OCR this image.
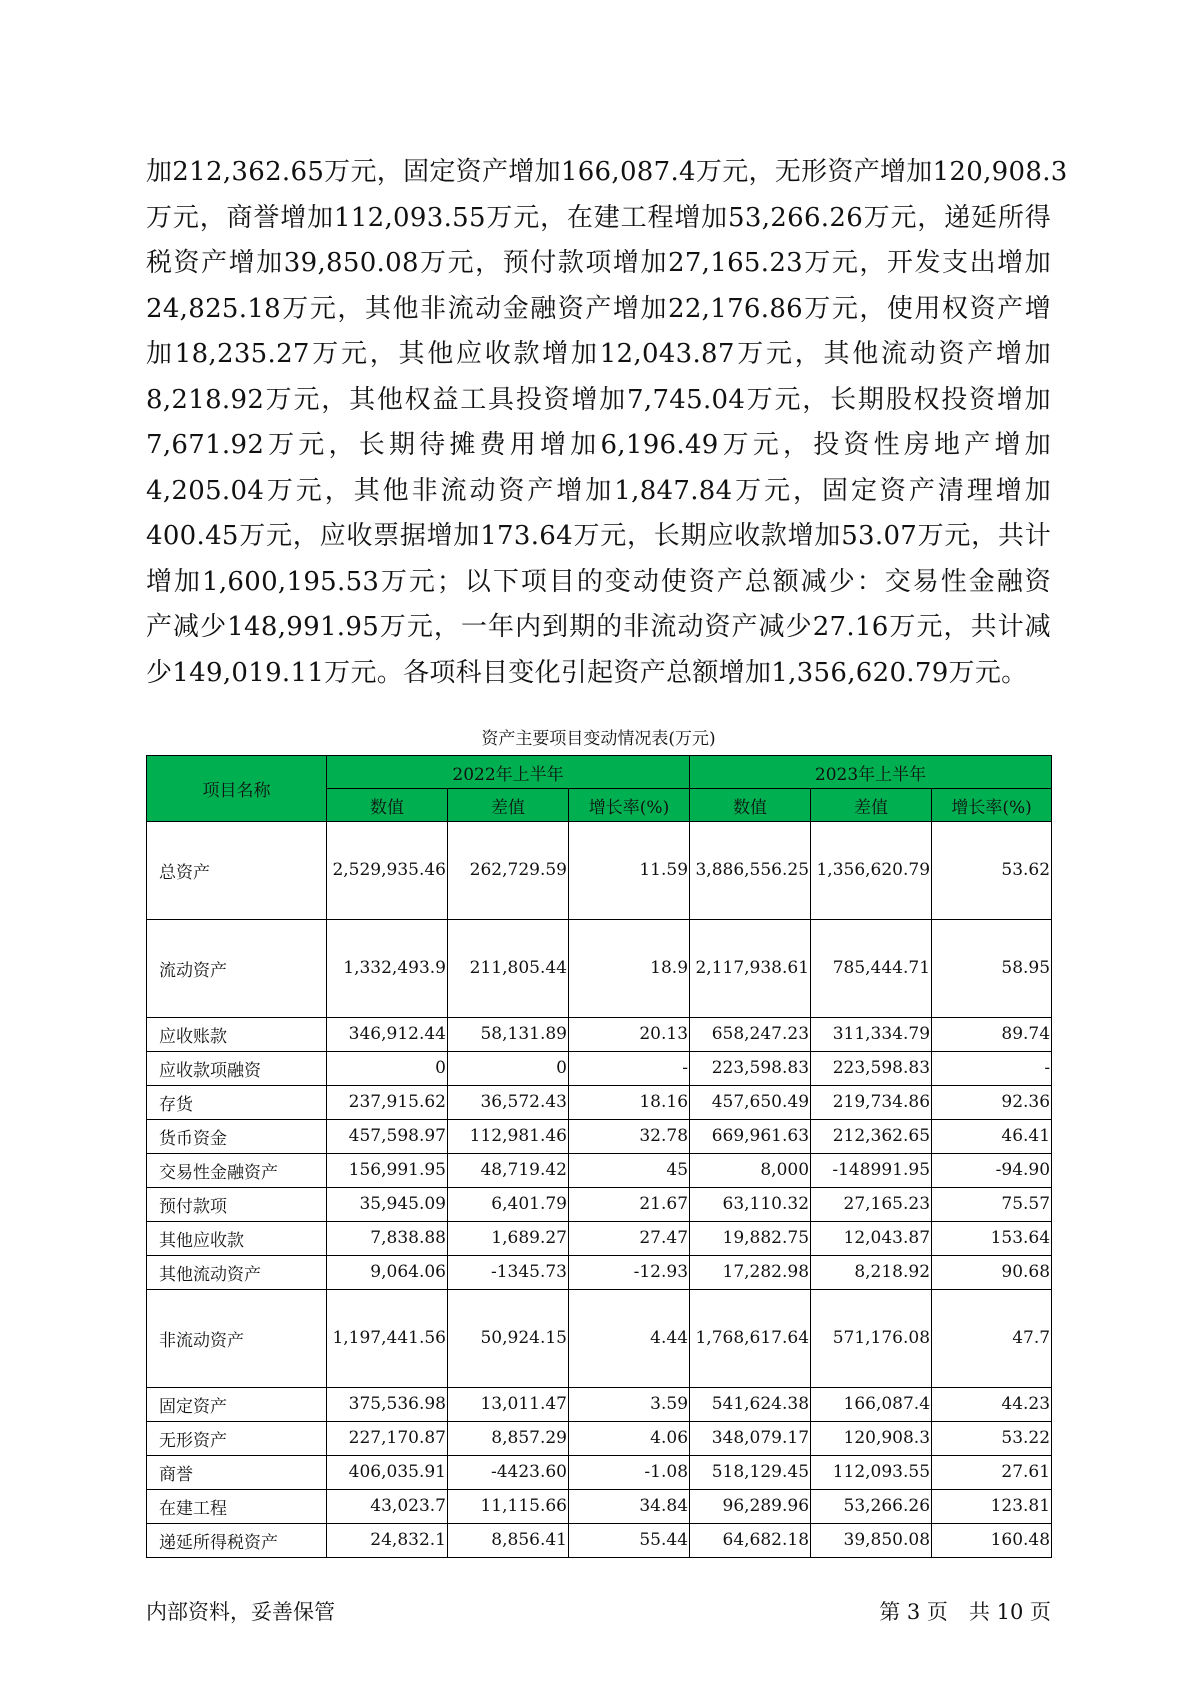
加212,362.65万元，固定资产增加166,087.4万元，无形资产增加120,908.3
万元，商誉增加112,093.55万元，在建工程增加53,266.26万元，递延所得
税资产增加39,850.08万元，预付款项增加27,165.23万元，开发支出增加
24,825.18万元，其他非流动金融资产增加22,176.86万元，使用权资产增
加18,235.27万元，其他应收款增加12,043.87万元，其他流动资产增加
8,218.92万元，其他权益工具投资增加7,745.04万元，长期股权投资增加
7,671.92万元，长期待摊费用增加6,196.49万元，投资性房地产增加
4,205.04万元，其他非流动资产增加1,847.84万元，固定资产清理增加
400.45万元，应收票据增加173.64万元，长期应收款增加53.07万元，共计
增加1,600,195.53万元；以下项目的变动使资产总额减少：交易性金融资
产减少148,991.95万元，一年内到期的非流动资产减少27.16万元，共计减
少149,019.11万元。各项科目变化引起资产总额增加1,356,620.79万元。
资产主要项目变动情况表(万元)
项目名称	2022年上半年			2023年上半年		
	数值	差值	增长率(%)	数值	差值	增长率(%)
总资产	2,529,935.46	262,729.59	11.59	3,886,556.25	1,356,620.79	53.62
流动资产	1,332,493.9	211,805.44	18.9	2,117,938.61	785,444.71	58.95
应收账款	346,912.44	58,131.89	20.13	658,247.23	311,334.79	89.74
应收款项融资	0	0	-	223,598.83	223,598.83	-
存货	237,915.62	36,572.43	18.16	457,650.49	219,734.86	92.36
货币资金	457,598.97	112,981.46	32.78	669,961.63	212,362.65	46.41
交易性金融资产	156,991.95	48,719.42	45	8,000	-148991.95	-94.90
预付款项	35,945.09	6,401.79	21.67	63,110.32	27,165.23	75.57
其他应收款	7,838.88	1,689.27	27.47	19,882.75	12,043.87	153.64
其他流动资产	9,064.06	-1345.73	-12.93	17,282.98	8,218.92	90.68
非流动资产	1,197,441.56	50,924.15	4.44	1,768,617.64	571,176.08	47.7
固定资产	375,536.98	13,011.47	3.59	541,624.38	166,087.4	44.23
无形资产	227,170.87	8,857.29	4.06	348,079.17	120,908.3	53.22
商誉	406,035.91	-4423.60	-1.08	518,129.45	112,093.55	27.61
在建工程	43,023.7	11,115.66	34.84	96,289.96	53,266.26	123.81
递延所得税资产	24,832.1	8,856.41	55.44	64,682.18	39,850.08	160.48
内部资料，妥善保管	第 3 页　共 10 页
